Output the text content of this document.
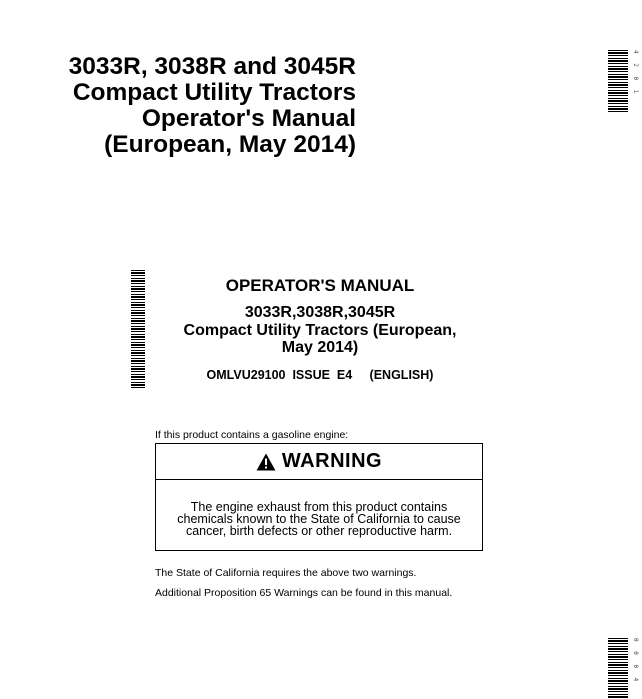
3033R, 3038R and 3045R
Compact Utility Tractors
Operator's Manual
(European, May 2014)
4 2 0 1
0 0 0 4
OPERATOR'S MANUAL
3033R,3038R,3045R
Compact Utility Tractors (European,
May 2014)
OMLVU29100  ISSUE  E4     (ENGLISH)
If this product contains a gasoline engine:
WARNING
The engine exhaust from this product contains
chemicals known to the State of California to cause
cancer, birth defects or other reproductive harm.
The State of California requires the above two warnings.
Additional Proposition 65 Warnings can be found in this manual.
